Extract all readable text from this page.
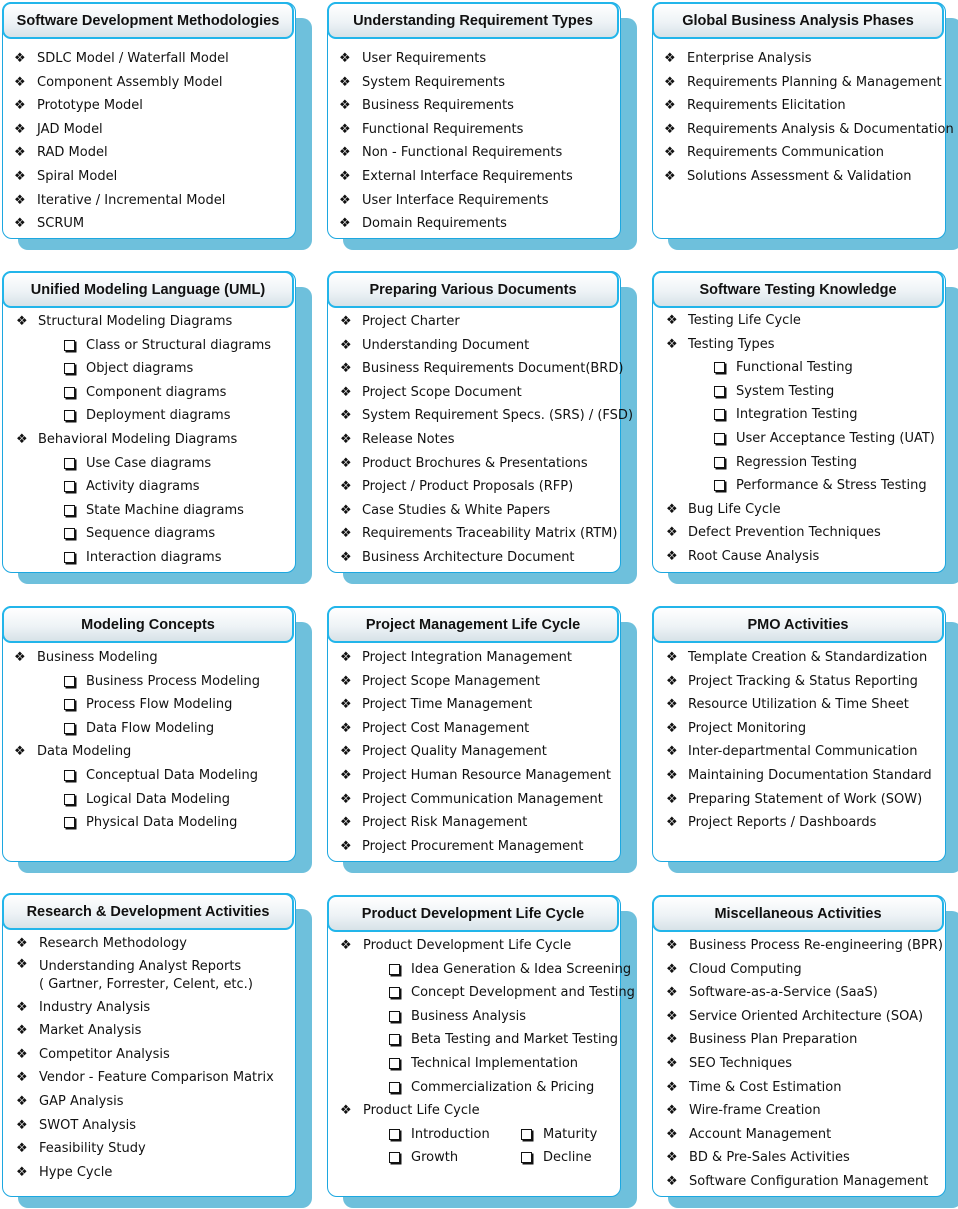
Software Development Methodologies
❖ SDLC Model / Waterfall Model
❖ Component Assembly Model
❖ Prototype Model
❖ JAD Model
❖ RAD Model
❖ Spiral Model
❖ Iterative / Incremental Model
❖ SCRUM
Understanding Requirement Types
❖ User Requirements
❖ System Requirements
❖ Business Requirements
❖ Functional Requirements
❖ Non - Functional Requirements
❖ External Interface Requirements
❖ User Interface Requirements
❖ Domain Requirements
Global Business Analysis Phases
❖ Enterprise Analysis
❖ Requirements Planning & Management
❖ Requirements Elicitation
❖ Requirements Analysis & Documentation
❖ Requirements Communication
❖ Solutions Assessment & Validation
Unified Modeling Language (UML)
❖ Structural Modeling Diagrams
Class or Structural diagrams
Object diagrams
Component diagrams
Deployment diagrams
❖ Behavioral Modeling Diagrams
Use Case diagrams
Activity diagrams
State Machine diagrams
Sequence diagrams
Interaction diagrams
Preparing Various Documents
❖ Project Charter
❖ Understanding Document
❖ Business Requirements Document(BRD)
❖ Project Scope Document
❖ System Requirement Specs. (SRS) / (FSD)
❖ Release Notes
❖ Product Brochures & Presentations
❖ Project / Product Proposals (RFP)
❖ Case Studies & White Papers
❖ Requirements Traceability Matrix (RTM)
❖ Business Architecture Document
Software Testing Knowledge
❖ Testing Life Cycle
❖ Testing Types
Functional Testing
System Testing
Integration Testing
User Acceptance Testing (UAT)
Regression Testing
Performance & Stress Testing
❖ Bug Life Cycle
❖ Defect Prevention Techniques
❖ Root Cause Analysis
Modeling Concepts
❖ Business Modeling
Business Process Modeling
Process Flow Modeling
Data Flow Modeling
❖ Data Modeling
Conceptual Data Modeling
Logical Data Modeling
Physical Data Modeling
Project Management Life Cycle
❖ Project Integration Management
❖ Project Scope Management
❖ Project Time Management
❖ Project Cost Management
❖ Project Quality Management
❖ Project Human Resource Management
❖ Project Communication Management
❖ Project Risk Management
❖ Project Procurement Management
PMO Activities
❖ Template Creation & Standardization
❖ Project Tracking & Status Reporting
❖ Resource Utilization & Time Sheet
❖ Project Monitoring
❖ Inter-departmental Communication
❖ Maintaining Documentation Standard
❖ Preparing Statement of Work (SOW)
❖ Project Reports / Dashboards
Research & Development Activities
❖ Research Methodology
❖ Understanding Analyst Reports
( Gartner, Forrester, Celent, etc.)
❖ Industry Analysis
❖ Market Analysis
❖ Competitor Analysis
❖ Vendor - Feature Comparison Matrix
❖ GAP Analysis
❖ SWOT Analysis
❖ Feasibility Study
❖ Hype Cycle
Product Development Life Cycle
❖ Product Development Life Cycle
Idea Generation & Idea Screening
Concept Development and Testing
Business Analysis
Beta Testing and Market Testing
Technical Implementation
Commercialization & Pricing
❖ Product Life Cycle
Introduction	Maturity
Growth	Decline
Miscellaneous Activities
❖ Business Process Re-engineering (BPR)
❖ Cloud Computing
❖ Software-as-a-Service (SaaS)
❖ Service Oriented Architecture (SOA)
❖ Business Plan Preparation
❖ SEO Techniques
❖ Time & Cost Estimation
❖ Wire-frame Creation
❖ Account Management
❖ BD & Pre-Sales Activities
❖ Software Configuration Management
